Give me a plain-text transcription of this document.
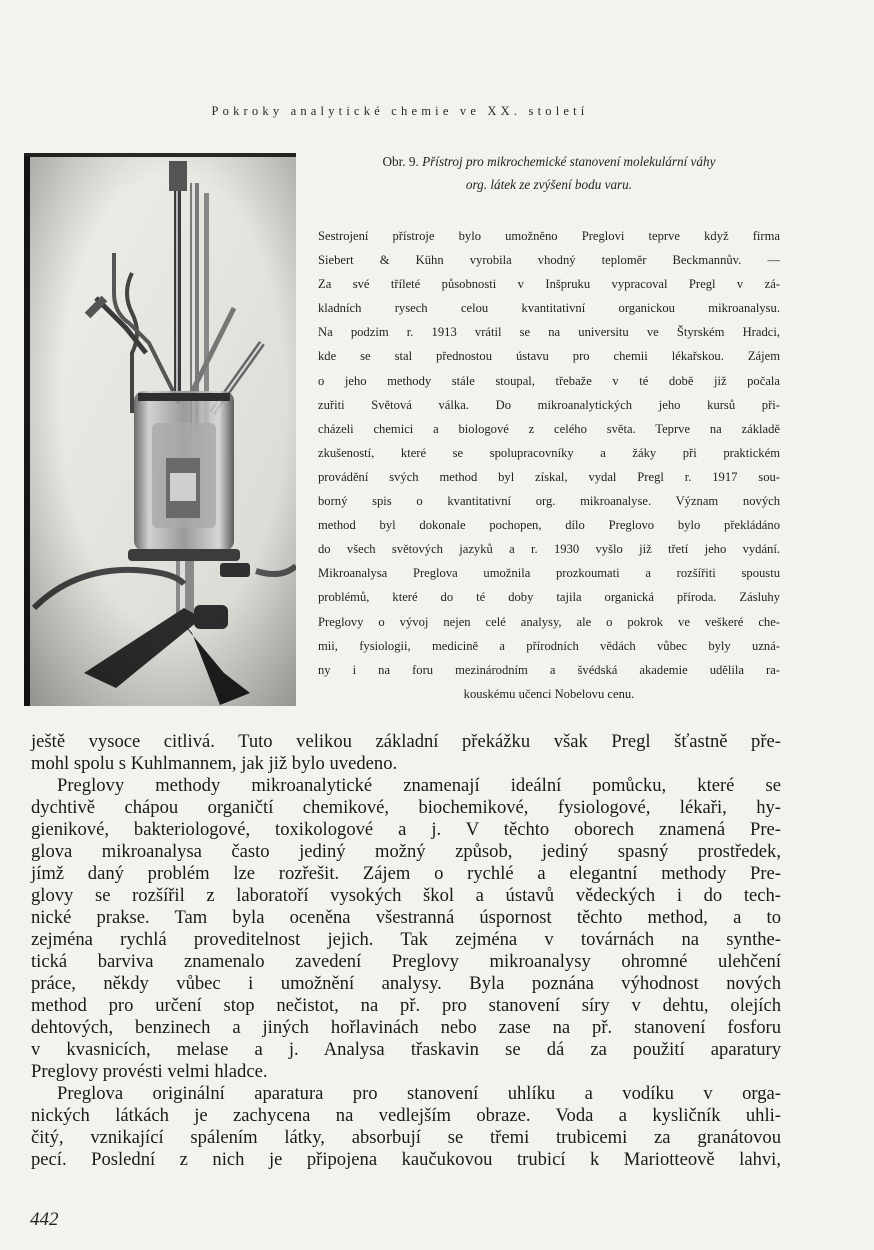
Pokroky analytické chemie ve XX. století
Obr. 9. Přístroj pro mikrochemické stanovení molekulární váhy
org. látek ze zvýšení bodu varu.
Sestrojení přístroje bylo umožněno Preglovi teprve když firma
Siebert & Kühn vyrobila vhodný teploměr Beckmannův. —
Za své tříleté působnosti v Inšpruku vypracoval Pregl v zá-
kladních rysech celou kvantitativní organickou mikroanalysu.
Na podzim r. 1913 vrátil se na universitu ve Štyrském Hradci,
kde se stal přednostou ústavu pro chemii lékařskou. Zájem
o jeho methody stále stoupal, třebaže v té době již počala
zuřiti Světová válka. Do mikroanalytických jeho kursů při-
cházeli chemici a biologové z celého světa. Teprve na základě
zkušeností, které se spolupracovníky a žáky při praktickém
provádění svých method byl získal, vydal Pregl r. 1917 sou-
borný spis o kvantitativní org. mikroanalyse. Význam nových
method byl dokonale pochopen, dílo Preglovo bylo překládáno
do všech světových jazyků a r. 1930 vyšlo již třetí jeho vydání.
Mikroanalysa Preglova umožnila prozkoumati a rozšířiti spoustu
problémů, které do té doby tajila organická příroda. Zásluhy
Preglovy o vývoj nejen celé analysy, ale o pokrok ve veškeré che-
mii, fysiologii, medicině a přírodních vědách vůbec byly uzná-
ny i na foru mezinárodním a švédská akademie udělila ra-
kouskému učenci Nobelovu cenu.
ještě vysoce citlivá. Tuto velikou základní překážku však Pregl šťastně pře-
mohl spolu s Kuhlmannem, jak již bylo uvedeno.
Preglovy methody mikroanalytické znamenají ideální pomůcku, které se
dychtivě chápou organičtí chemikové, biochemikové, fysiologové, lékaři, hy-
gienikové, bakteriologové, toxikologové a j. V těchto oborech znamená Pre-
glova mikroanalysa často jediný možný způsob, jediný spasný prostředek,
jímž daný problém lze rozřešit. Zájem o rychlé a elegantní methody Pre-
glovy se rozšířil z laboratoří vysokých škol a ústavů vědeckých i do tech-
nické prakse. Tam byla oceněna všestranná úspornost těchto method, a to
zejména rychlá proveditelnost jejich. Tak zejména v továrnách na synthe-
tická barviva znamenalo zavedení Preglovy mikroanalysy ohromné ulehčení
práce, někdy vůbec i umožnění analysy. Byla poznána výhodnost nových
method pro určení stop nečistot, na př. pro stanovení síry v dehtu, olejích
dehtových, benzinech a jiných hořlavinách nebo zase na př. stanovení fosforu
v kvasnicích, melase a j. Analysa třaskavin se dá za použití aparatury
Preglovy provésti velmi hladce.
Preglova originální aparatura pro stanovení uhlíku a vodíku v orga-
nických látkách je zachycena na vedlejším obraze. Voda a kysličník uhli-
čitý, vznikající spálením látky, absorbují se třemi trubicemi za granátovou
pecí. Poslední z nich je připojena kaučukovou trubicí k Mariotteově lahvi,
442
